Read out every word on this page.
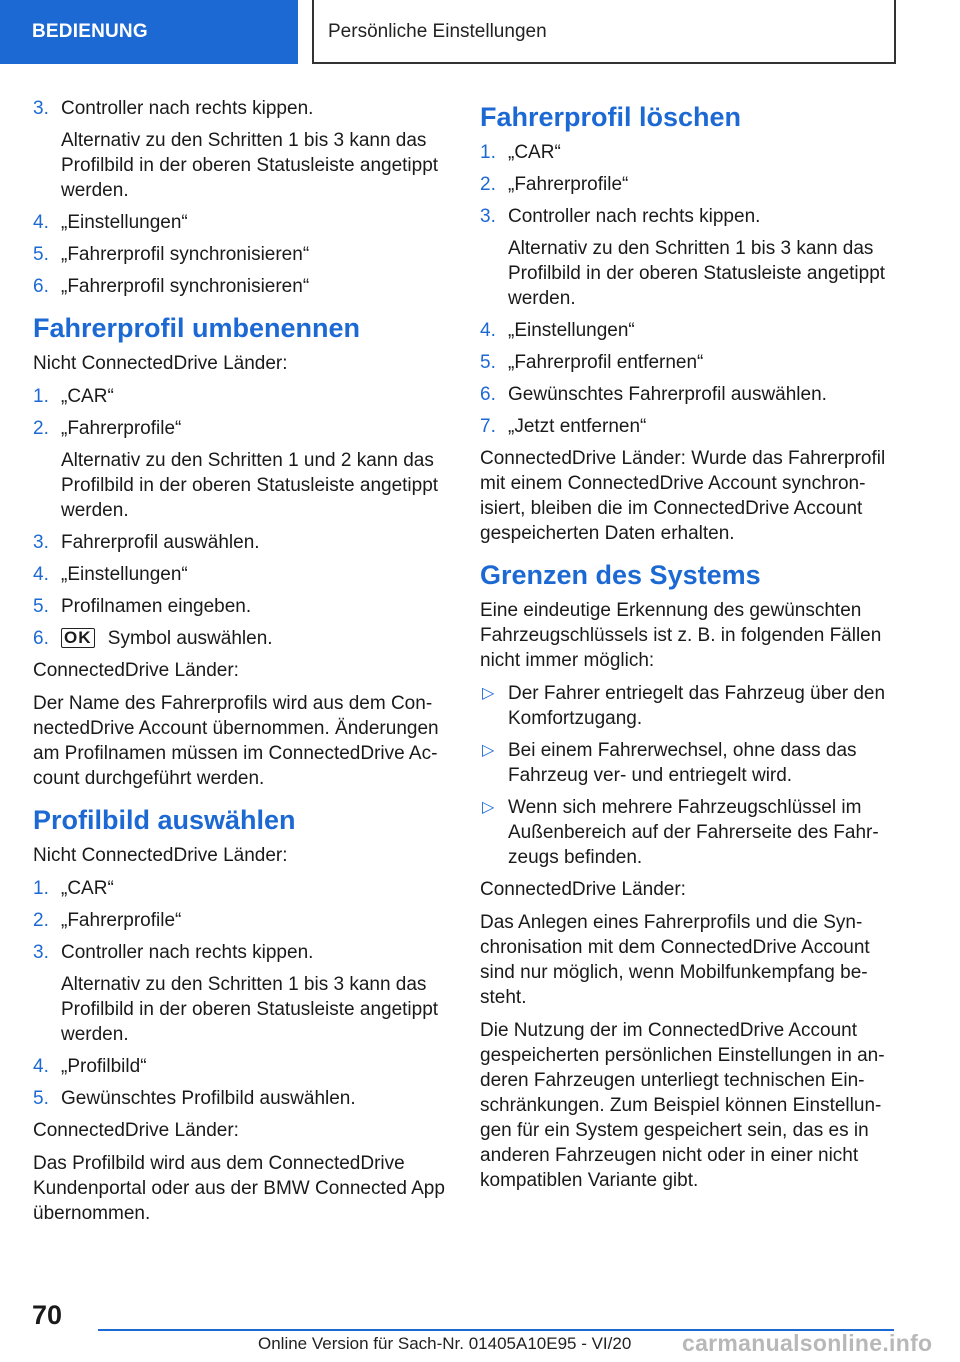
BEDIENUNG	Persönliche Einstellungen
3. Controller nach rechts kippen.
Alternativ zu den Schritten 1 bis 3 kann das Profilbild in der oberen Statusleiste angetippt werden.
4. „Einstellungen“
5. „Fahrerprofil synchronisieren“
6. „Fahrerprofil synchronisieren“
Fahrerprofil umbenennen

Nicht ConnectedDrive Länder:

1. „CAR“
2. „Fahrerprofile“
Alternativ zu den Schritten 1 und 2 kann das Profilbild in der oberen Statusleiste angetippt werden.
3. Fahrerprofil auswählen.
4. „Einstellungen“
5. Profilnamen eingeben.
6. OK Symbol auswählen.

ConnectedDrive Länder:

Der Name des Fahrerprofils wird aus dem ConnectedDrive Account übernommen. Änderungen am Profilnamen müssen im ConnectedDrive Account durchgeführt werden.

Profilbild auswählen

Nicht ConnectedDrive Länder:

1. „CAR“
2. „Fahrerprofile“
3. Controller nach rechts kippen.
Alternativ zu den Schritten 1 bis 3 kann das Profilbild in der oberen Statusleiste angetippt werden.
4. „Profilbild“
5. Gewünschtes Profilbild auswählen.

ConnectedDrive Länder:

Das Profilbild wird aus dem ConnectedDrive Kundenportal oder aus der BMW Connected App übernommen.

Fahrerprofil löschen
1. „CAR“
2. „Fahrerprofile“
3. Controller nach rechts kippen.
Alternativ zu den Schritten 1 bis 3 kann das Profilbild in der oberen Statusleiste angetippt werden.
4. „Einstellungen“
5. „Fahrerprofil entfernen“
6. Gewünschtes Fahrerprofil auswählen.
7. „Jetzt entfernen“

ConnectedDrive Länder: Wurde das Fahrerprofil mit einem ConnectedDrive Account synchronisiert, bleiben die im ConnectedDrive Account gespeicherten Daten erhalten.

Grenzen des Systems

Eine eindeutige Erkennung des gewünschten Fahrzeugschlüssels ist z. B. in folgenden Fällen nicht immer möglich:

▷ Der Fahrer entriegelt das Fahrzeug über den Komfortzugang.
▷ Bei einem Fahrerwechsel, ohne dass das Fahrzeug ver- und entriegelt wird.
▷ Wenn sich mehrere Fahrzeugschlüssel im Außenbereich auf der Fahrerseite des Fahrzeugs befinden.

ConnectedDrive Länder:

Das Anlegen eines Fahrerprofils und die Synchronisation mit dem ConnectedDrive Account sind nur möglich, wenn Mobilfunkempfang besteht.

Die Nutzung der im ConnectedDrive Account gespeicherten persönlichen Einstellungen in anderen Fahrzeugen unterliegt technischen Einschränkungen. Zum Beispiel können Einstellungen für ein System gespeichert sein, das es in anderen Fahrzeugen nicht oder in einer nicht kompatiblen Variante gibt.

70
Online Version für Sach-Nr. 01405A10E95 - VI/20 carmanualsonline.info
